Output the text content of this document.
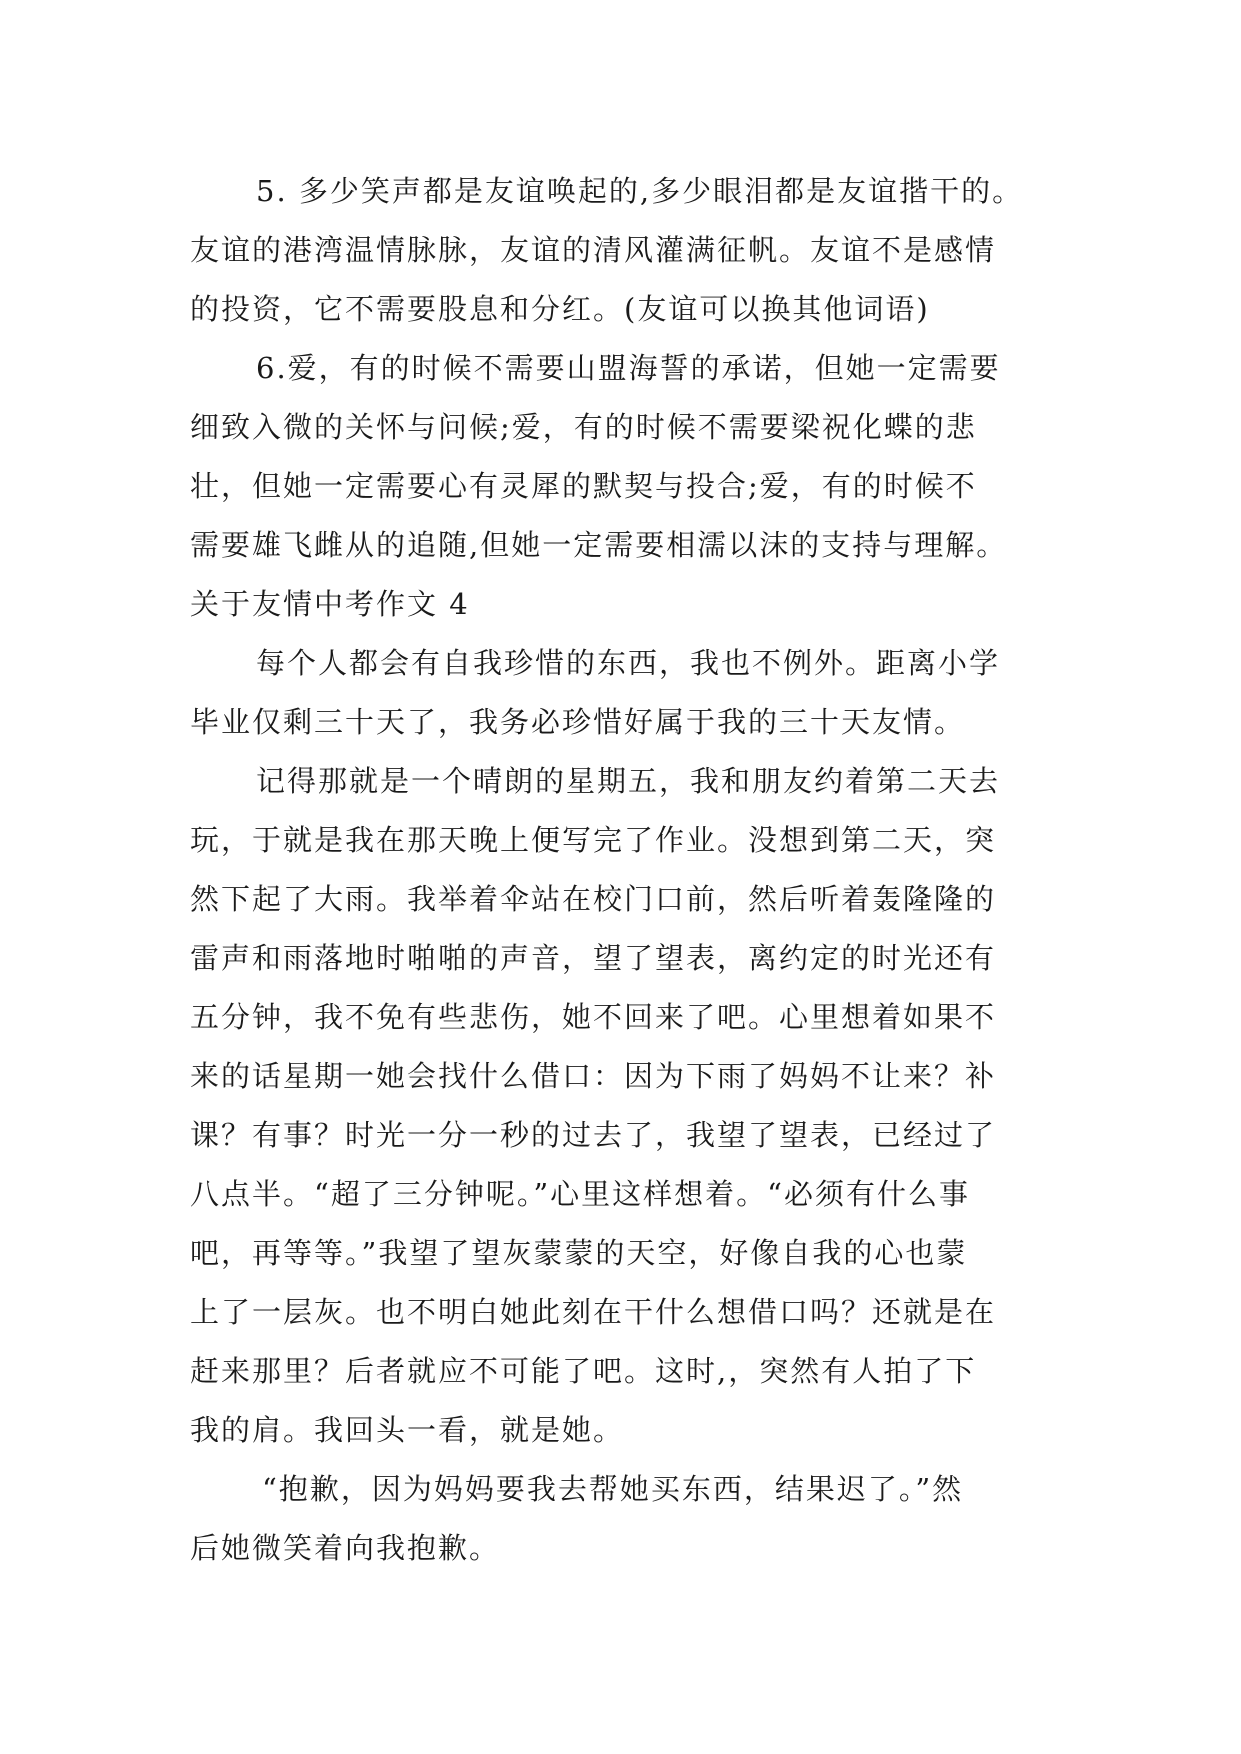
5. 多少笑声都是友谊唤起的,多少眼泪都是友谊揩干的。
友谊的港湾温情脉脉，友谊的清风灌满征帆。友谊不是感情
的投资，它不需要股息和分红。(友谊可以换其他词语)
6.爱，有的时候不需要山盟海誓的承诺，但她一定需要
细致入微的关怀与问候;爱，有的时候不需要梁祝化蝶的悲
壮，但她一定需要心有灵犀的默契与投合;爱，有的时候不
需要雄飞雌从的追随,但她一定需要相濡以沫的支持与理解。
关于友情中考作文 4
每个人都会有自我珍惜的东西，我也不例外。距离小学
毕业仅剩三十天了，我务必珍惜好属于我的三十天友情。
记得那就是一个晴朗的星期五，我和朋友约着第二天去
玩，于就是我在那天晚上便写完了作业。没想到第二天，突
然下起了大雨。我举着伞站在校门口前，然后听着轰隆隆的
雷声和雨落地时啪啪的声音，望了望表，离约定的时光还有
五分钟，我不免有些悲伤，她不回来了吧。心里想着如果不
来的话星期一她会找什么借口：因为下雨了妈妈不让来？补
课？有事？时光一分一秒的过去了，我望了望表，已经过了
八点半。“超了三分钟呢。”心里这样想着。“必须有什么事
吧，再等等。”我望了望灰蒙蒙的天空，好像自我的心也蒙
上了一层灰。也不明白她此刻在干什么想借口吗？还就是在
赶来那里？后者就应不可能了吧。这时,，突然有人拍了下
我的肩。我回头一看，就是她。
“抱歉，因为妈妈要我去帮她买东西，结果迟了。”然
后她微笑着向我抱歉。
